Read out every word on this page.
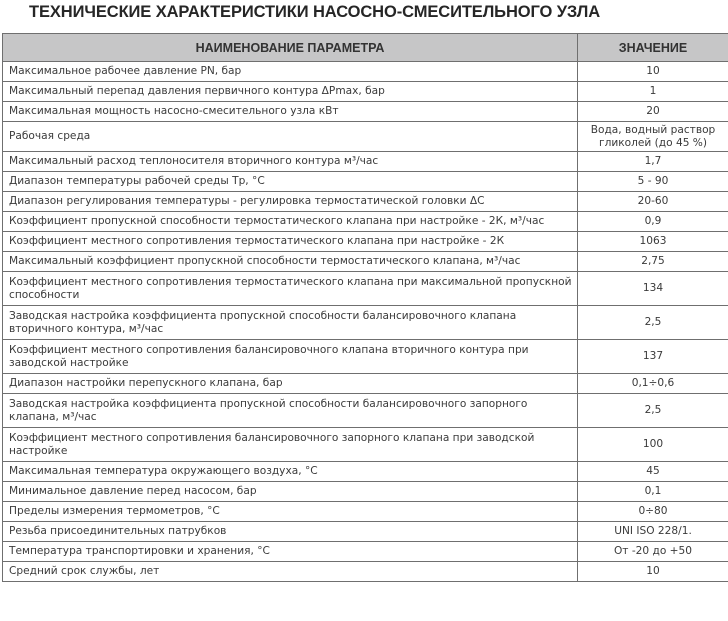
ТЕХНИЧЕСКИЕ ХАРАКТЕРИСТИКИ НАСОСНО-СМЕСИТЕЛЬНОГО УЗЛА
НАИМЕНОВАНИЕ ПАРАМЕТРА	ЗНАЧЕНИЕ
Максимальное рабочее давление PN, бар	10
Максимальный перепад давления первичного контура ΔPmax, бар	1
Максимальная мощность насосно-смесительного узла кВт	20
Рабочая среда	Вода, водный раствор гликолей (до 45 %)
Максимальный расход теплоносителя вторичного контура м³/час	1,7
Диапазон температуры рабочей среды Тр, °С	5 - 90
Диапазон регулирования температуры - регулировка термостатической головки ΔС	20-60
Коэффициент пропускной способности термостатического клапана при настройке - 2К, м³/час	0,9
Коэффициент местного сопротивления термостатического клапана при настройке - 2К	1063
Максимальный коэффициент пропускной способности термостатического клапана, м³/час	2,75
Коэффициент местного сопротивления термостатического клапана при максимальной пропускной способности	134
Заводская настройка коэффициента пропускной способности балансировочного клапана вторичного контура, м³/час	2,5
Коэффициент местного сопротивления балансировочного клапана вторичного контура при заводской настройке	137
Диапазон настройки перепускного клапана, бар	0,1÷0,6
Заводская настройка коэффициента пропускной способности балансировочного запорного клапана, м³/час	2,5
Коэффициент местного сопротивления балансировочного запорного клапана при заводской настройке	100
Максимальная температура окружающего воздуха, °С	45
Минимальное давление перед насосом, бар	0,1
Пределы измерения термометров, °С	0÷80
Резьба присоединительных патрубков	UNI ISO 228/1.
Температура транспортировки и хранения, °С	От -20 до +50
Средний срок службы, лет	10
